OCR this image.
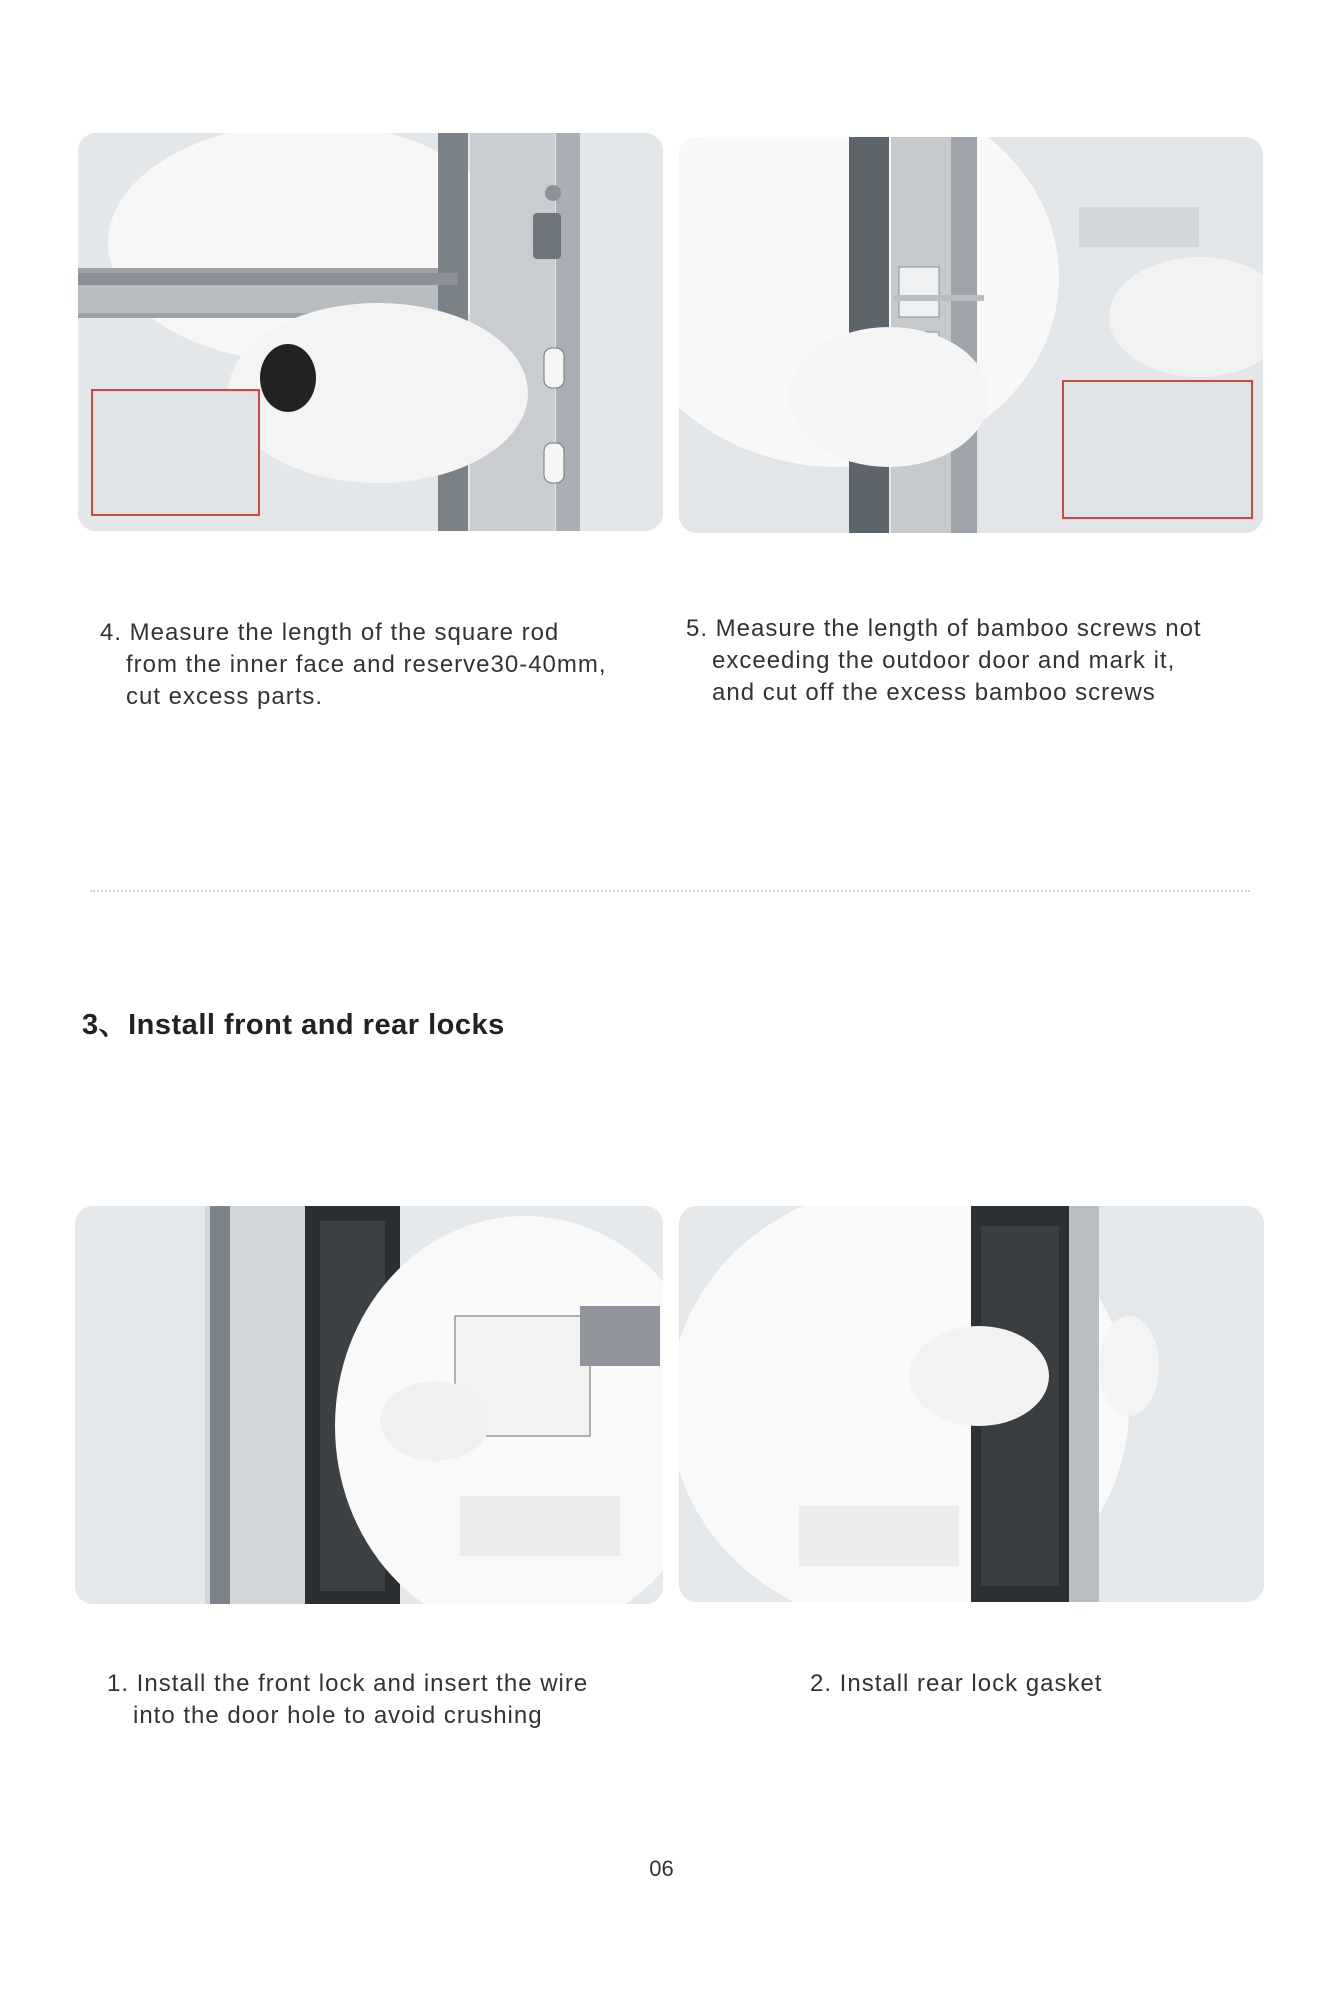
4. Measure the length of the square rod
from the inner face and reserve30-40mm,
cut excess parts.
5. Measure the length of bamboo screws not
exceeding the outdoor door and mark it,
and cut off the excess bamboo screws
3、Install front and rear locks
1. Install the front lock and insert the wire
into the door hole to avoid crushing
2. Install rear lock gasket
06
